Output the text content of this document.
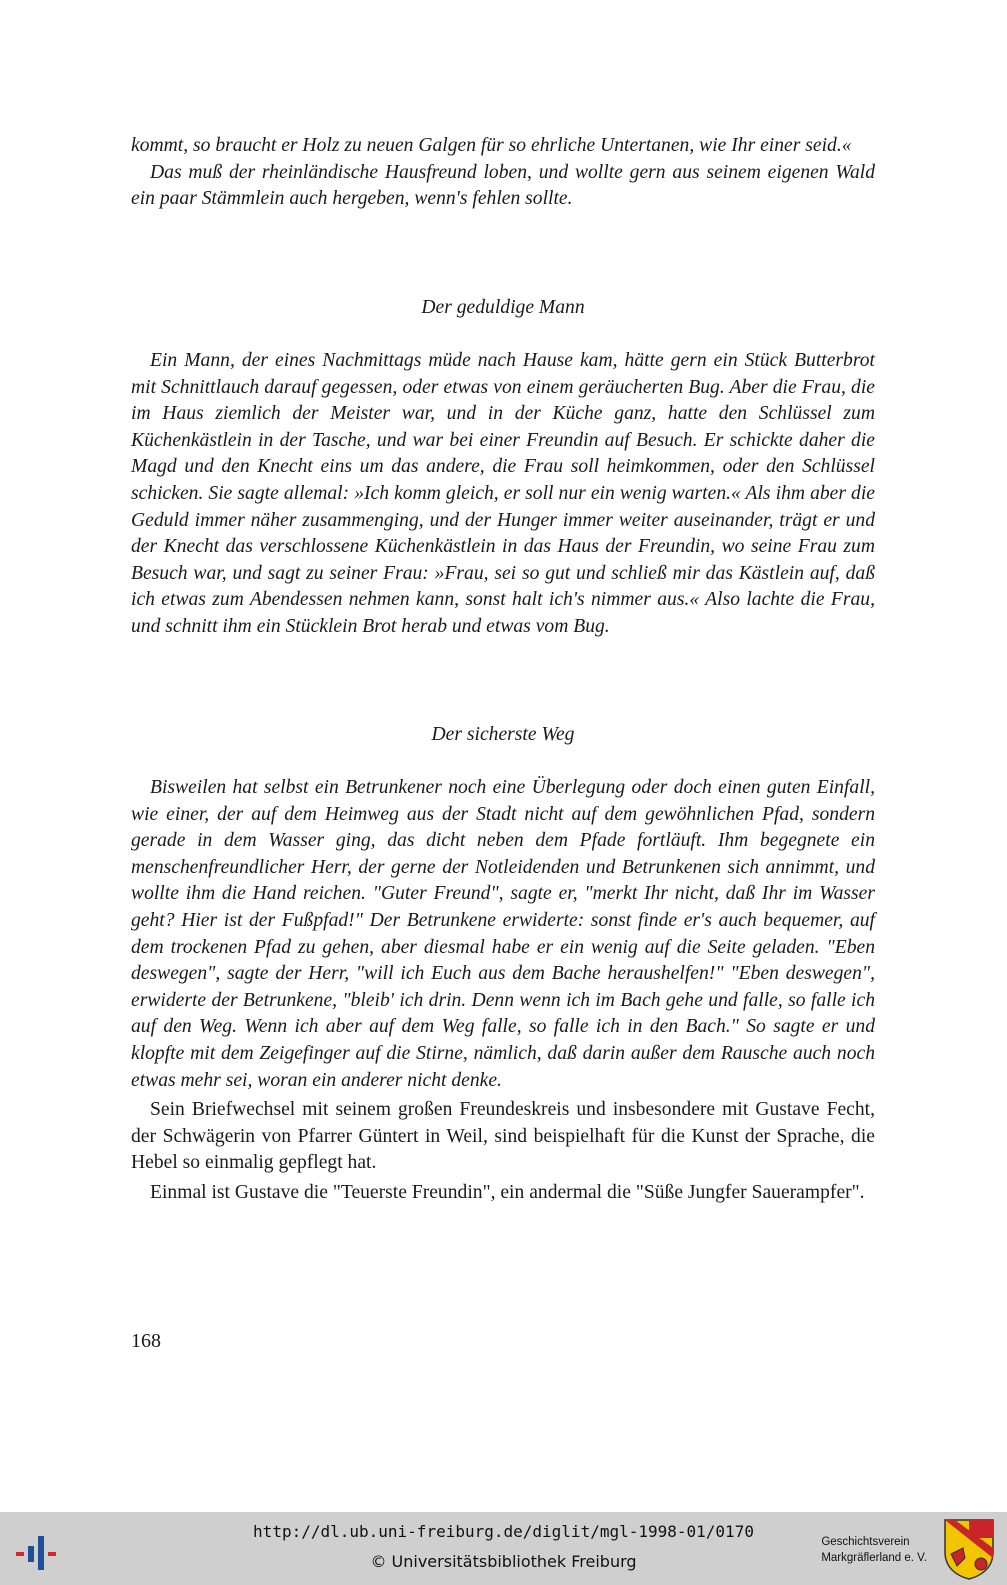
kommt, so braucht er Holz zu neuen Galgen für so ehrliche Untertanen, wie Ihr einer seid.«

Das muß der rheinländische Hausfreund loben, und wollte gern aus seinem eigenen Wald ein paar Stämmlein auch hergeben, wenn's fehlen sollte.

Der geduldige Mann

Ein Mann, der eines Nachmittags müde nach Hause kam, hätte gern ein Stück Butterbrot mit Schnittlauch darauf gegessen, oder etwas von einem geräucherten Bug. Aber die Frau, die im Haus ziemlich der Meister war, und in der Küche ganz, hatte den Schlüssel zum Küchenkästlein in der Tasche, und war bei einer Freundin auf Besuch. Er schickte daher die Magd und den Knecht eins um das andere, die Frau soll heimkommen, oder den Schlüssel schicken. Sie sagte allemal: »Ich komm gleich, er soll nur ein wenig warten.« Als ihm aber die Geduld immer näher zusammenging, und der Hunger immer weiter auseinander, trägt er und der Knecht das verschlossene Küchenkästlein in das Haus der Freundin, wo seine Frau zum Besuch war, und sagt zu seiner Frau: »Frau, sei so gut und schließ mir das Kästlein auf, daß ich etwas zum Abendessen nehmen kann, sonst halt ich's nimmer aus.« Also lachte die Frau, und schnitt ihm ein Stücklein Brot herab und etwas vom Bug.

Der sicherste Weg

Bisweilen hat selbst ein Betrunkener noch eine Überlegung oder doch einen guten Einfall, wie einer, der auf dem Heimweg aus der Stadt nicht auf dem gewöhnlichen Pfad, sondern gerade in dem Wasser ging, das dicht neben dem Pfade fortläuft. Ihm begegnete ein menschenfreundlicher Herr, der gerne der Notleidenden und Betrunkenen sich annimmt, und wollte ihm die Hand reichen. "Guter Freund", sagte er, "merkt Ihr nicht, daß Ihr im Wasser geht? Hier ist der Fußpfad!" Der Betrunkene erwiderte: sonst finde er's auch bequemer, auf dem trockenen Pfad zu gehen, aber diesmal habe er ein wenig auf die Seite geladen. "Eben deswegen", sagte der Herr, "will ich Euch aus dem Bache heraushelfen!" "Eben deswegen", erwiderte der Betrunkene, "bleib' ich drin. Denn wenn ich im Bach gehe und falle, so falle ich auf den Weg. Wenn ich aber auf dem Weg falle, so falle ich in den Bach." So sagte er und klopfte mit dem Zeigefinger auf die Stirne, nämlich, daß darin außer dem Rausche auch noch etwas mehr sei, woran ein anderer nicht denke.

Sein Briefwechsel mit seinem großen Freundeskreis und insbesondere mit Gustave Fecht, der Schwägerin von Pfarrer Güntert in Weil, sind beispielhaft für die Kunst der Sprache, die Hebel so einmalig gepflegt hat.

Einmal ist Gustave die "Teuerste Freundin", ein andermal die "Süße Jungfer Sauerampfer".

168

http://dl.ub.uni-freiburg.de/diglit/mgl-1998-01/0170
© Universitätsbibliothek Freiburg
Geschichtsverein
Markgräflerland e. V.
